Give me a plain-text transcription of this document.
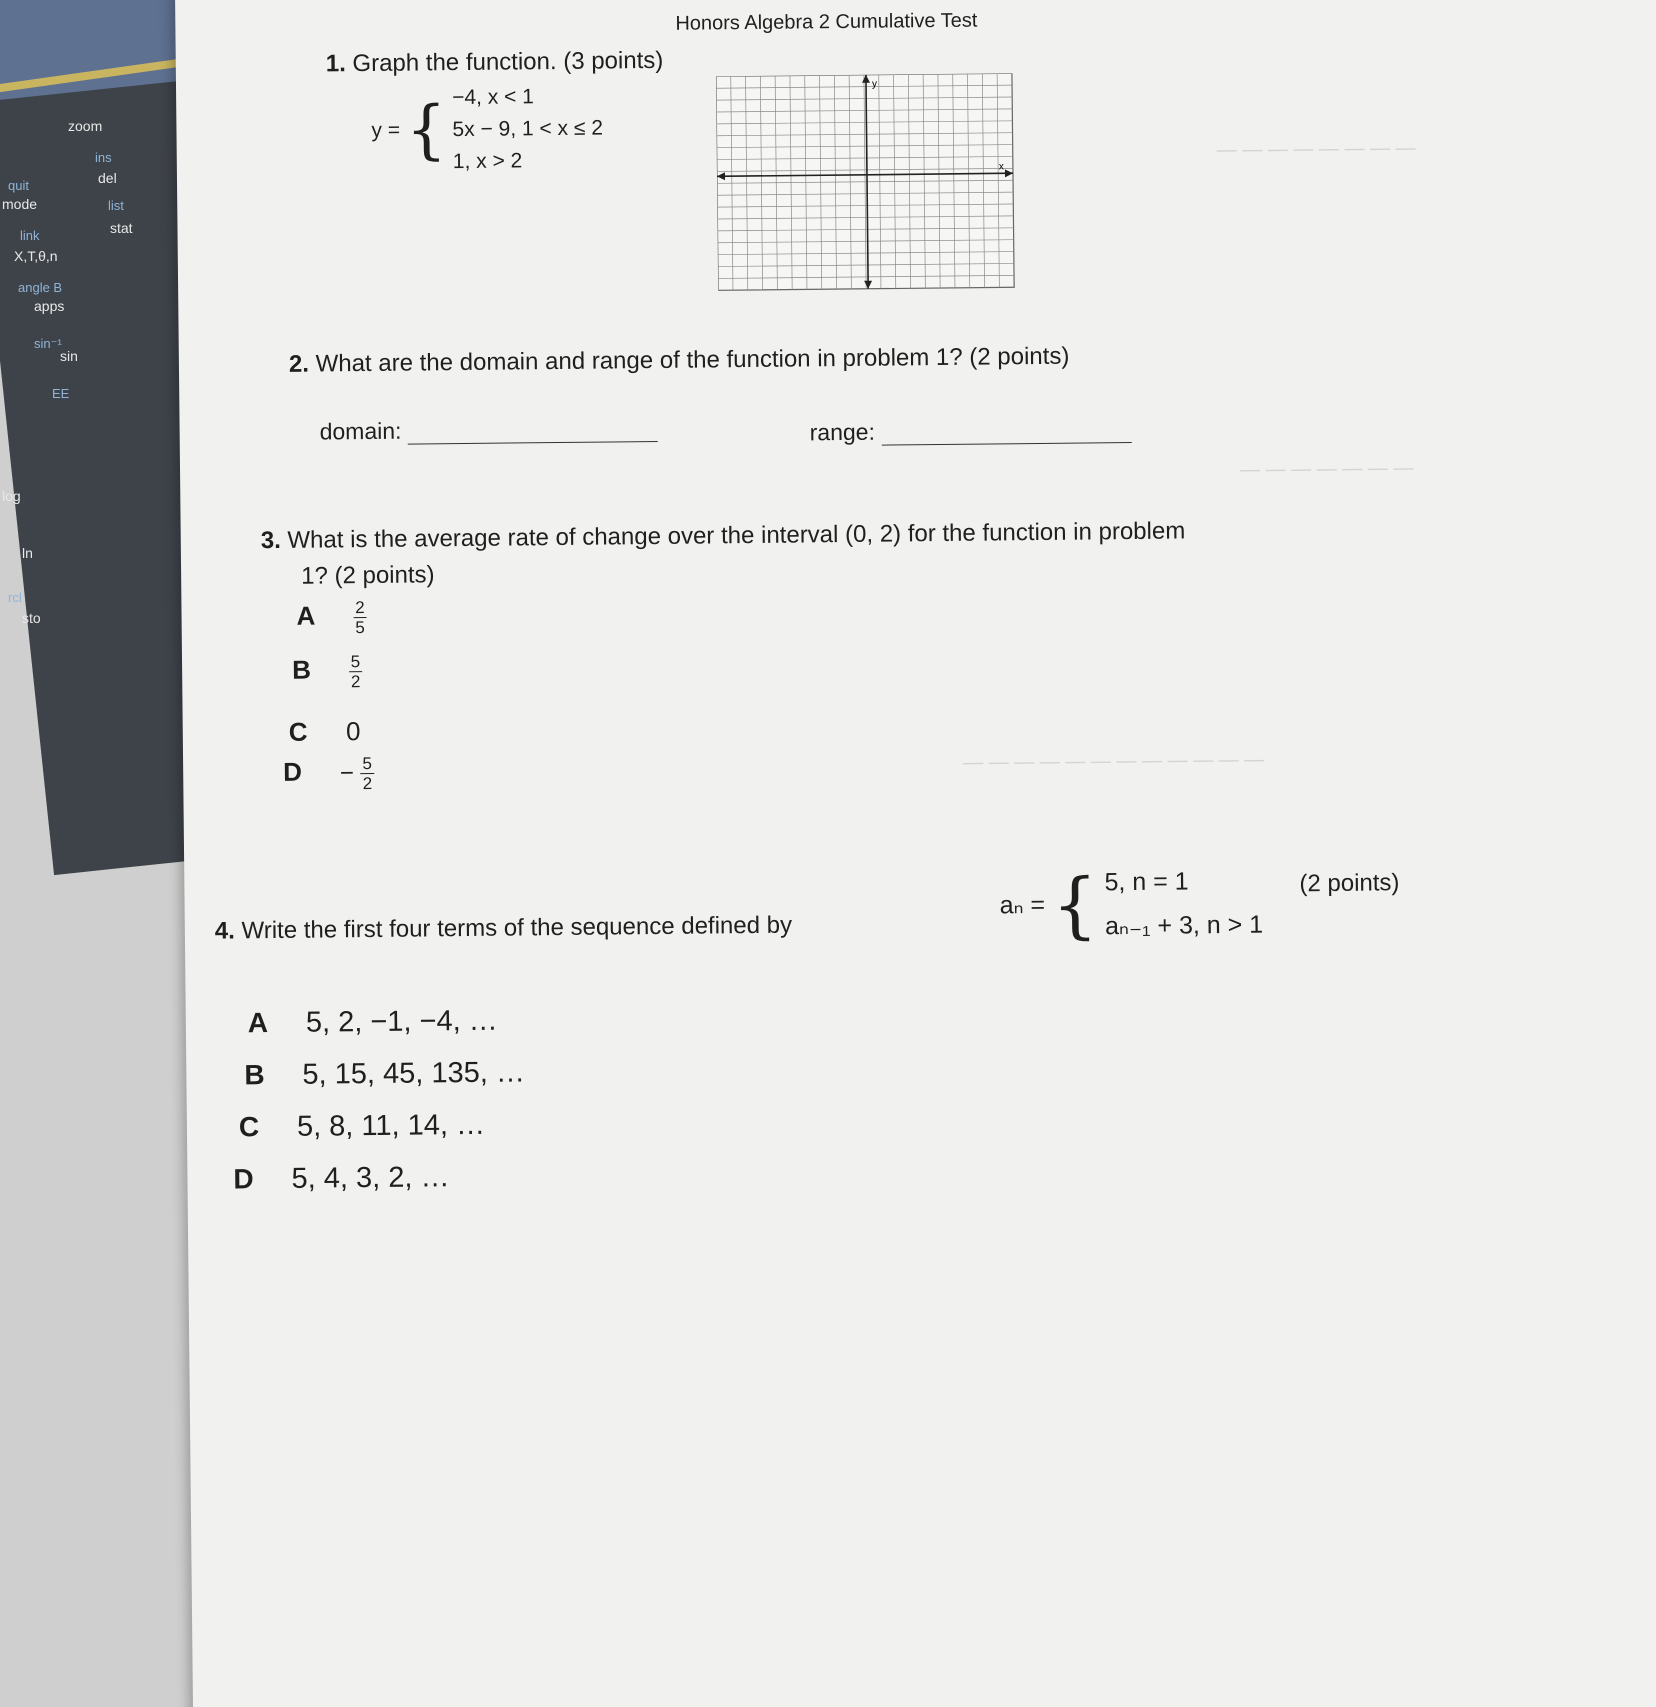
zoom
ins
del
quit
mode	list
stat
link
X,T,θ,n
angle B
apps
sin⁻¹
sin
EE
log
ln
rcl
sto
— — — — — — — —
— — — — — — —
— — — — — — — — — — — —
Honors Algebra 2 Cumulative Test
1. Graph the function. (3 points)
y = { −4, x < 1
5x − 9, 1 < x ≤ 2
1, x > 2
y
x
2. What are the domain and range of the function in problem 1? (2 points)
domain:	range:
3. What is the average rate of change over the interval (0, 2) for the function in problem
1? (2 points)
A $\frac{2}{5}$
B $\frac{5}{2}$
C 0
$D - \frac{5}{2}$
4. Write the first four terms of the sequence defined by
aₙ = { 5, n = 1
aₙ₋₁ + 3, n > 1
(2 points)
A 5, 2, −1, −4, …
B 5, 15, 45, 135, …
C 5, 8, 11, 14, …
D 5, 4, 3, 2, …
